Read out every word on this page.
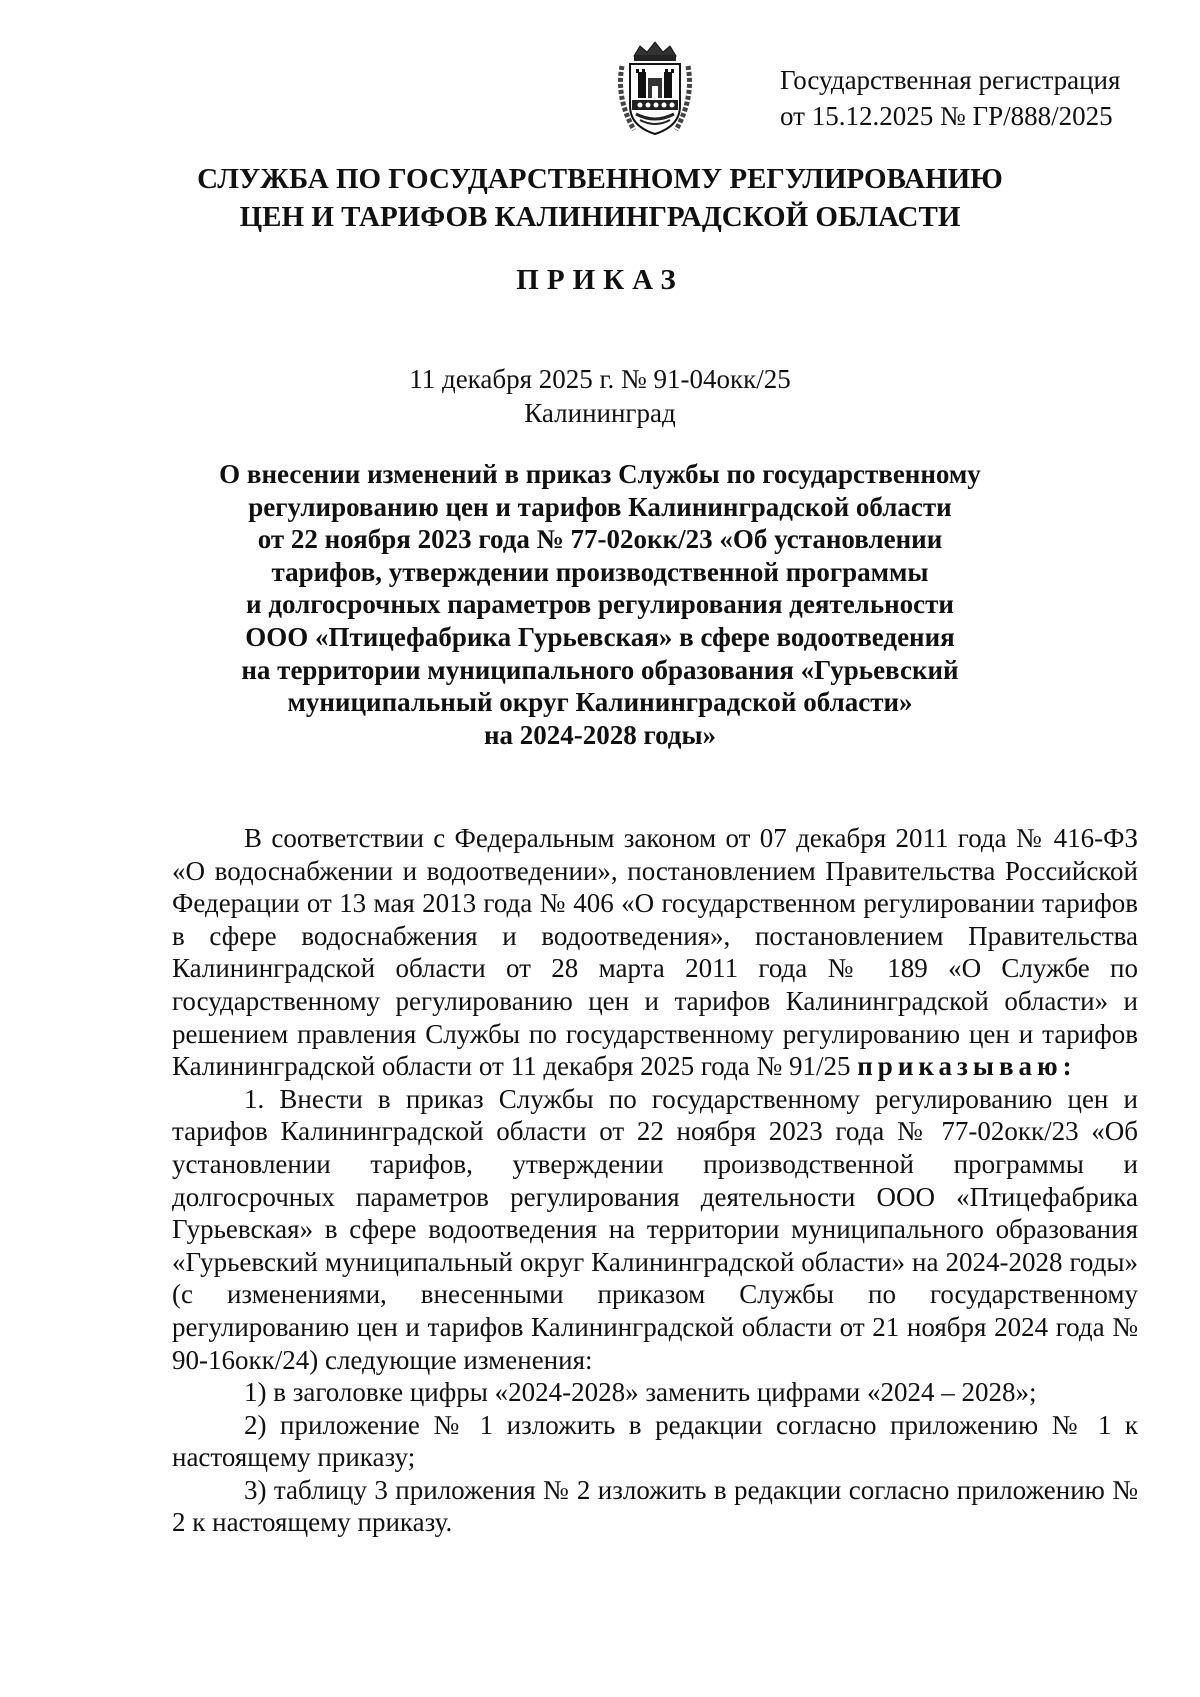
Государственная регистрация
от 15.12.2025 № ГР/888/2025
СЛУЖБА ПО ГОСУДАРСТВЕННОМУ РЕГУЛИРОВАНИЮ
ЦЕН И ТАРИФОВ КАЛИНИНГРАДСКОЙ ОБЛАСТИ
ПРИКАЗ
11 декабря 2025 г. № 91-04окк/25
Калининград
О внесении изменений в приказ Службы по государственному
регулированию цен и тарифов Калининградской области
от 22 ноября 2023 года № 77-02окк/23 «Об установлении
тарифов, утверждении производственной программы
и долгосрочных параметров регулирования деятельности
ООО «Птицефабрика Гурьевская» в сфере водоотведения
на территории муниципального образования «Гурьевский
муниципальный округ Калининградской области»
на 2024-2028 годы»

В соответствии с Федеральным законом от 07 декабря 2011 года № 416-ФЗ «О водоснабжении и водоотведении», постановлением Правительства Российской Федерации от 13 мая 2013 года № 406 «О государственном регулировании тарифов в сфере водоснабжения и водоотведения», постановлением Правительства Калининградской области от 28 марта 2011 года № 189 «О Службе по государственному регулированию цен и тарифов Калининградской области» и решением правления Службы по государственному регулированию цен и тарифов Калининградской области от 11 декабря 2025 года № 91/25 приказываю:

1. Внести в приказ Службы по государственному регулированию цен и тарифов Калининградской области от 22 ноября 2023 года № 77-02окк/23 «Об установлении тарифов, утверждении производственной программы и долгосрочных параметров регулирования деятельности ООО «Птицефабрика Гурьевская» в сфере водоотведения на территории муниципального образования «Гурьевский муниципальный округ Калининградской области» на 2024-2028 годы» (с изменениями, внесенными приказом Службы по государственному регулированию цен и тарифов Калининградской области от 21 ноября 2024 года № 90-16окк/24) следующие изменения:

1) в заголовке цифры «2024-2028» заменить цифрами «2024 – 2028»;

2) приложение № 1 изложить в редакции согласно приложению № 1 к настоящему приказу;

3) таблицу 3 приложения № 2 изложить в редакции согласно приложению № 2 к настоящему приказу.
